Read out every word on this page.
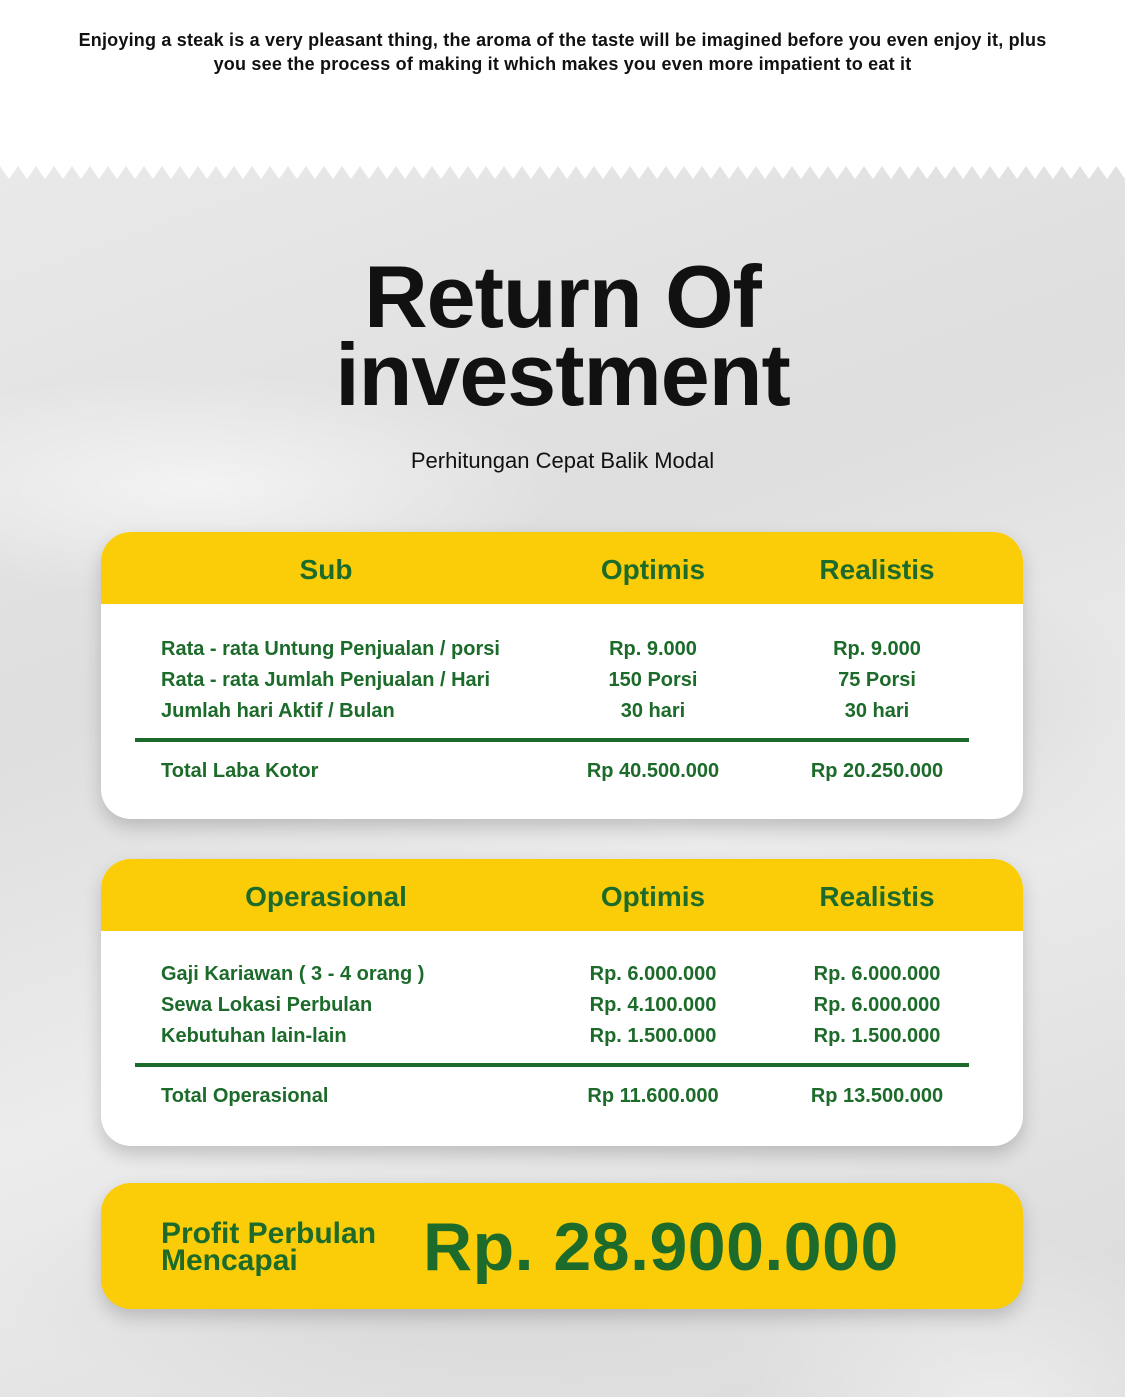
Enjoying a steak is a very pleasant thing, the aroma of the taste will be imagined before you even enjoy it, plus you see the process of making it which makes you even more impatient to eat it
Return Of
investment
Perhitungan Cepat Balik Modal
Sub	Optimis	Realistis
Rata - rata Untung Penjualan / porsi	Rp. 9.000	Rp. 9.000
Rata - rata Jumlah Penjualan / Hari	150 Porsi	75 Porsi
Jumlah hari Aktif / Bulan	30 hari	30 hari
Total Laba Kotor	Rp 40.500.000	Rp 20.250.000
Operasional	Optimis	Realistis
Gaji Kariawan ( 3 - 4 orang )	Rp. 6.000.000	Rp. 6.000.000
Sewa Lokasi Perbulan	Rp. 4.100.000	Rp. 6.000.000
Kebutuhan lain-lain	Rp. 1.500.000	Rp. 1.500.000
Total Operasional	Rp 11.600.000	Rp 13.500.000
Profit Perbulan
Mencapai	Rp. 28.900.000
